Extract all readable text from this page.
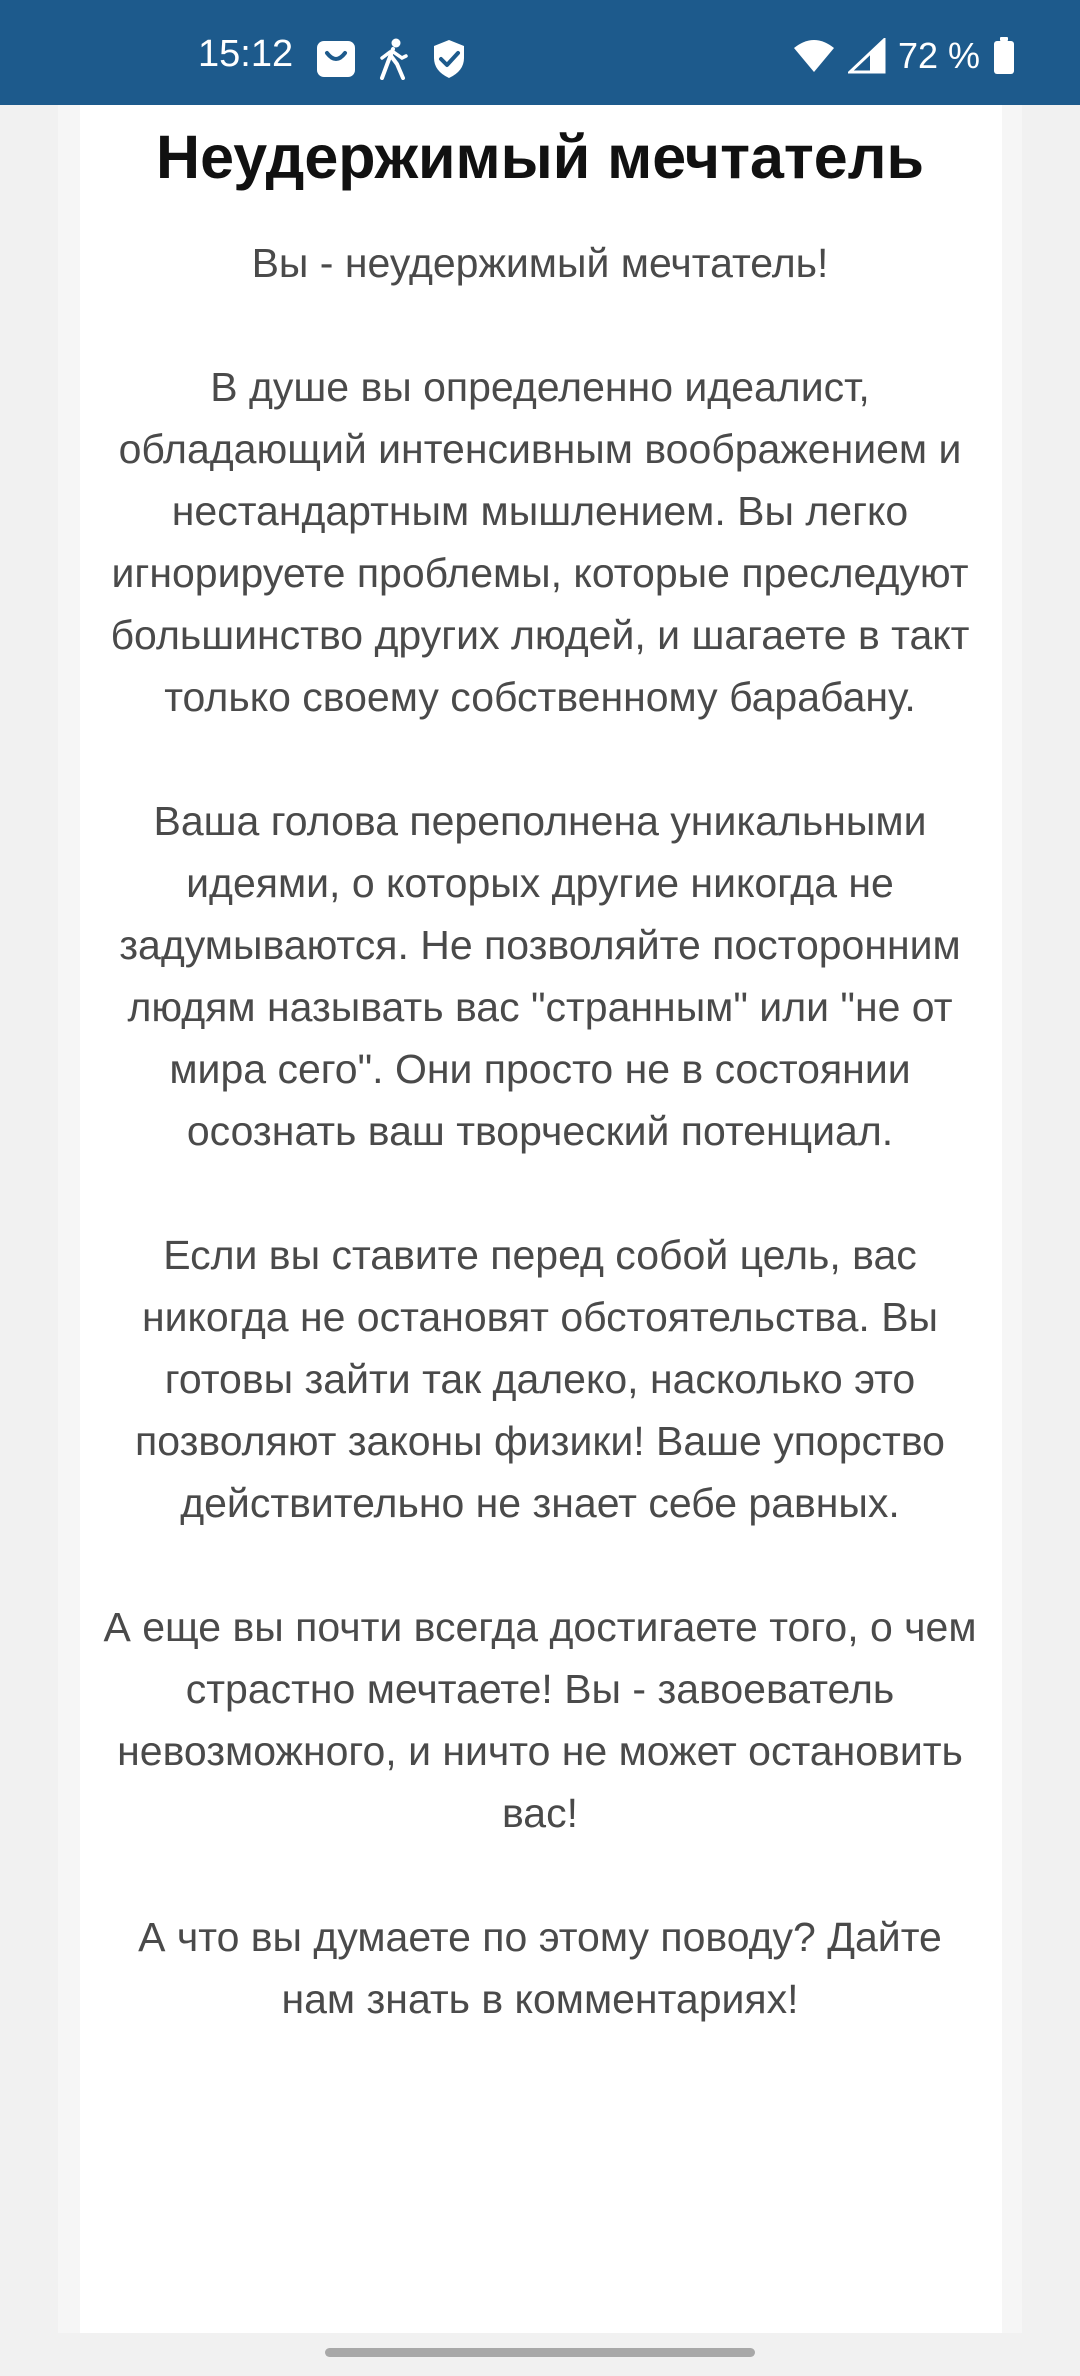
15:12	72 %
Неудержимый мечтатель

Вы - неудержимый мечтатель!

В душе вы определенно идеалист, обладающий интенсивным воображением и нестандартным мышлением. Вы легко игнорируете проблемы, которые преследуют большинство других людей, и шагаете в такт только своему собственному барабану.

Ваша голова переполнена уникальными идеями, о которых другие никогда не задумываются. Не позволяйте посторонним людям называть вас "странным" или "не от мира сего". Они просто не в состоянии осознать ваш творческий потенциал.

Если вы ставите перед собой цель, вас никогда не остановят обстоятельства. Вы готовы зайти так далеко, насколько это позволяют законы физики! Ваше упорство действительно не знает себе равных.

А еще вы почти всегда достигаете того, о чем страстно мечтаете! Вы - завоеватель невозможного, и ничто не может остановить вас!

А что вы думаете по этому поводу? Дайте нам знать в комментариях!
